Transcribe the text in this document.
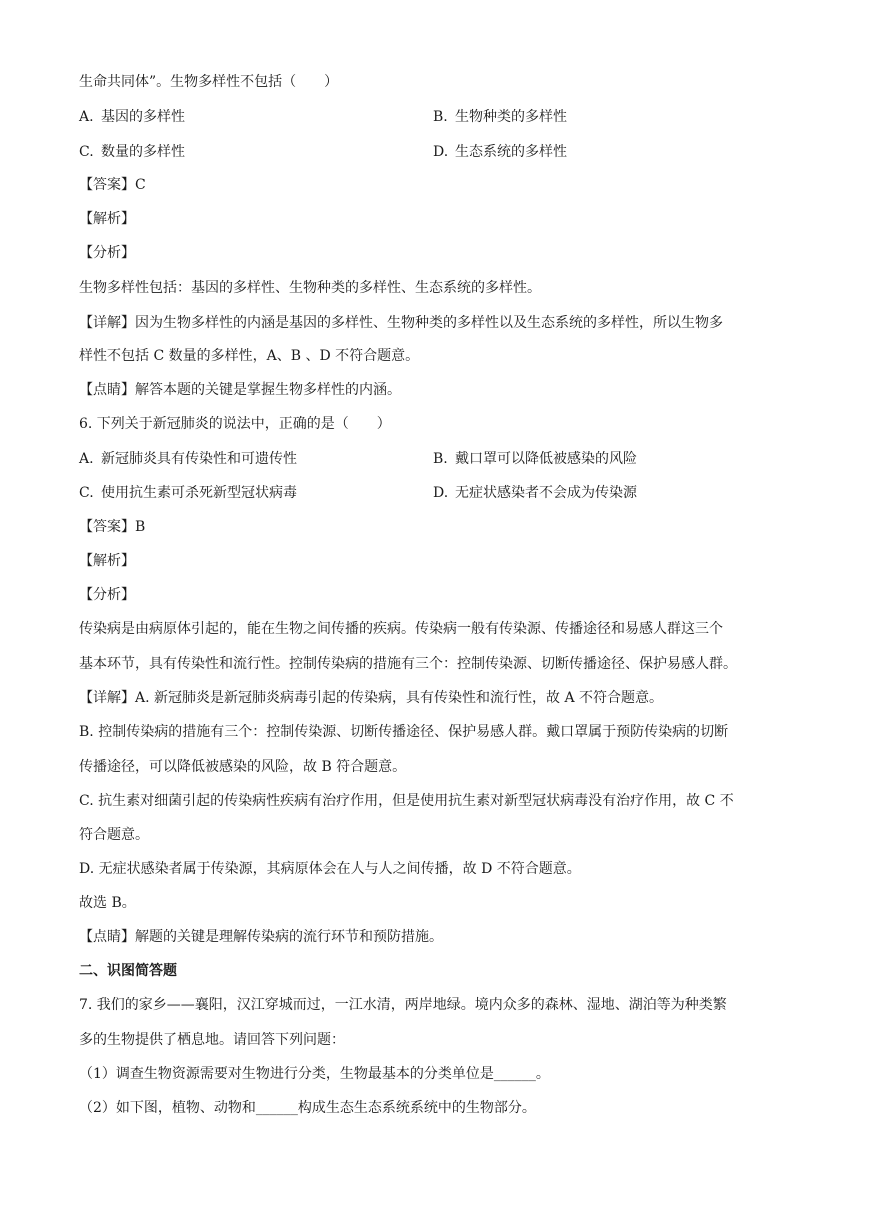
生命共同体”。生物多样性不包括（　　）
A. 基因的多样性	B. 生物种类的多样性
C. 数量的多样性	D. 生态系统的多样性
【答案】C
【解析】
【分析】
生物多样性包括：基因的多样性、生物种类的多样性、生态系统的多样性。
【详解】因为生物多样性的内涵是基因的多样性、生物种类的多样性以及生态系统的多样性，所以生物多
样性不包括 C 数量的多样性，A、B 、D 不符合题意。
【点睛】解答本题的关键是掌握生物多样性的内涵。
6. 下列关于新冠肺炎的说法中，正确的是（　　）
A. 新冠肺炎具有传染性和可遗传性	B. 戴口罩可以降低被感染的风险
C. 使用抗生素可杀死新型冠状病毒	D. 无症状感染者不会成为传染源
【答案】B
【解析】
【分析】
传染病是由病原体引起的，能在生物之间传播的疾病。传染病一般有传染源、传播途径和易感人群这三个
基本环节，具有传染性和流行性。控制传染病的措施有三个：控制传染源、切断传播途径、保护易感人群。
【详解】A. 新冠肺炎是新冠肺炎病毒引起的传染病，具有传染性和流行性，故 A 不符合题意。
B. 控制传染病的措施有三个：控制传染源、切断传播途径、保护易感人群。戴口罩属于预防传染病的切断
传播途径，可以降低被感染的风险，故 B 符合题意。
C. 抗生素对细菌引起的传染病性疾病有治疗作用，但是使用抗生素对新型冠状病毒没有治疗作用，故 C 不
符合题意。
D. 无症状感染者属于传染源，其病原体会在人与人之间传播，故 D 不符合题意。
故选 B。
【点睛】解题的关键是理解传染病的流行环节和预防措施。
二、识图简答题
7. 我们的家乡——襄阳，汉江穿城而过，一江水清，两岸地绿。境内众多的森林、湿地、湖泊等为种类繁
多的生物提供了栖息地。请回答下列问题：
（1）调查生物资源需要对生物进行分类，生物最基本的分类单位是______。
（2）如下图，植物、动物和______构成生态生态系统系统中的生物部分。
